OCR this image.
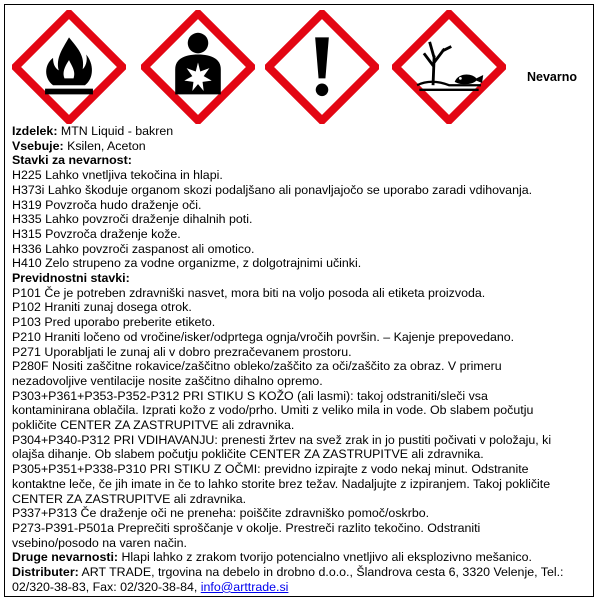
Nevarno
Izdelek: MTN Liquid - bakren
Vsebuje: Ksilen, Aceton
Stavki za nevarnost:
H225 Lahko vnetljiva tekočina in hlapi.
H373i Lahko škoduje organom skozi podaljšano ali ponavljajočo se uporabo zaradi vdihovanja.
H319 Povzroča hudo draženje oči.
H335 Lahko povzroči draženje dihalnih poti.
H315 Povzroča draženje kože.
H336 Lahko povzroči zaspanost ali omotico.
H410 Zelo strupeno za vodne organizme, z dolgotrajnimi učinki.
Previdnostni stavki:
P101 Če je potreben zdravniški nasvet, mora biti na voljo posoda ali etiketa proizvoda.
P102 Hraniti zunaj dosega otrok.
P103 Pred uporabo preberite etiketo.
P210 Hraniti ločeno od vročine/isker/odprtega ognja/vročih površin. – Kajenje prepovedano.
P271 Uporabljati le zunaj ali v dobro prezračevanem prostoru.
P280F Nositi zaščitne rokavice/zaščitno obleko/zaščito za oči/zaščito za obraz. V primeru
nezadovoljive ventilacije nosite zaščitno dihalno opremo.
P303+P361+P353-P352-P312 PRI STIKU S KOŽO (ali lasmi): takoj odstraniti/sleči vsa
kontaminirana oblačila. Izprati kožo z vodo/prho. Umiti z veliko mila in vode. Ob slabem počutju
pokličite CENTER ZA ZASTRUPITVE ali zdravnika.
P304+P340-P312 PRI VDIHAVANJU: prenesti žrtev na svež zrak in jo pustiti počivati v položaju, ki
olajša dihanje. Ob slabem počutju pokličite CENTER ZA ZASTRUPITVE ali zdravnika.
P305+P351+P338-P310 PRI STIKU Z OČMI: previdno izpirajte z vodo nekaj minut. Odstranite
kontaktne leče, če jih imate in če to lahko storite brez težav. Nadaljujte z izpiranjem. Takoj pokličite
CENTER ZA ZASTRUPITVE ali zdravnika.
P337+P313 Če draženje oči ne preneha: poiščite zdravniško pomoč/oskrbo.
P273-P391-P501a Preprečiti sproščanje v okolje. Prestreči razlito tekočino. Odstraniti
vsebino/posodo na varen način.
Druge nevarnosti: Hlapi lahko z zrakom tvorijo potencialno vnetljivo ali eksplozivno mešanico.
Distributer: ART TRADE, trgovina na debelo in drobno d.o.o., Šlandrova cesta 6, 3320 Velenje, Tel.:
02/320-38-83, Fax: 02/320-38-84, info@arttrade.si
